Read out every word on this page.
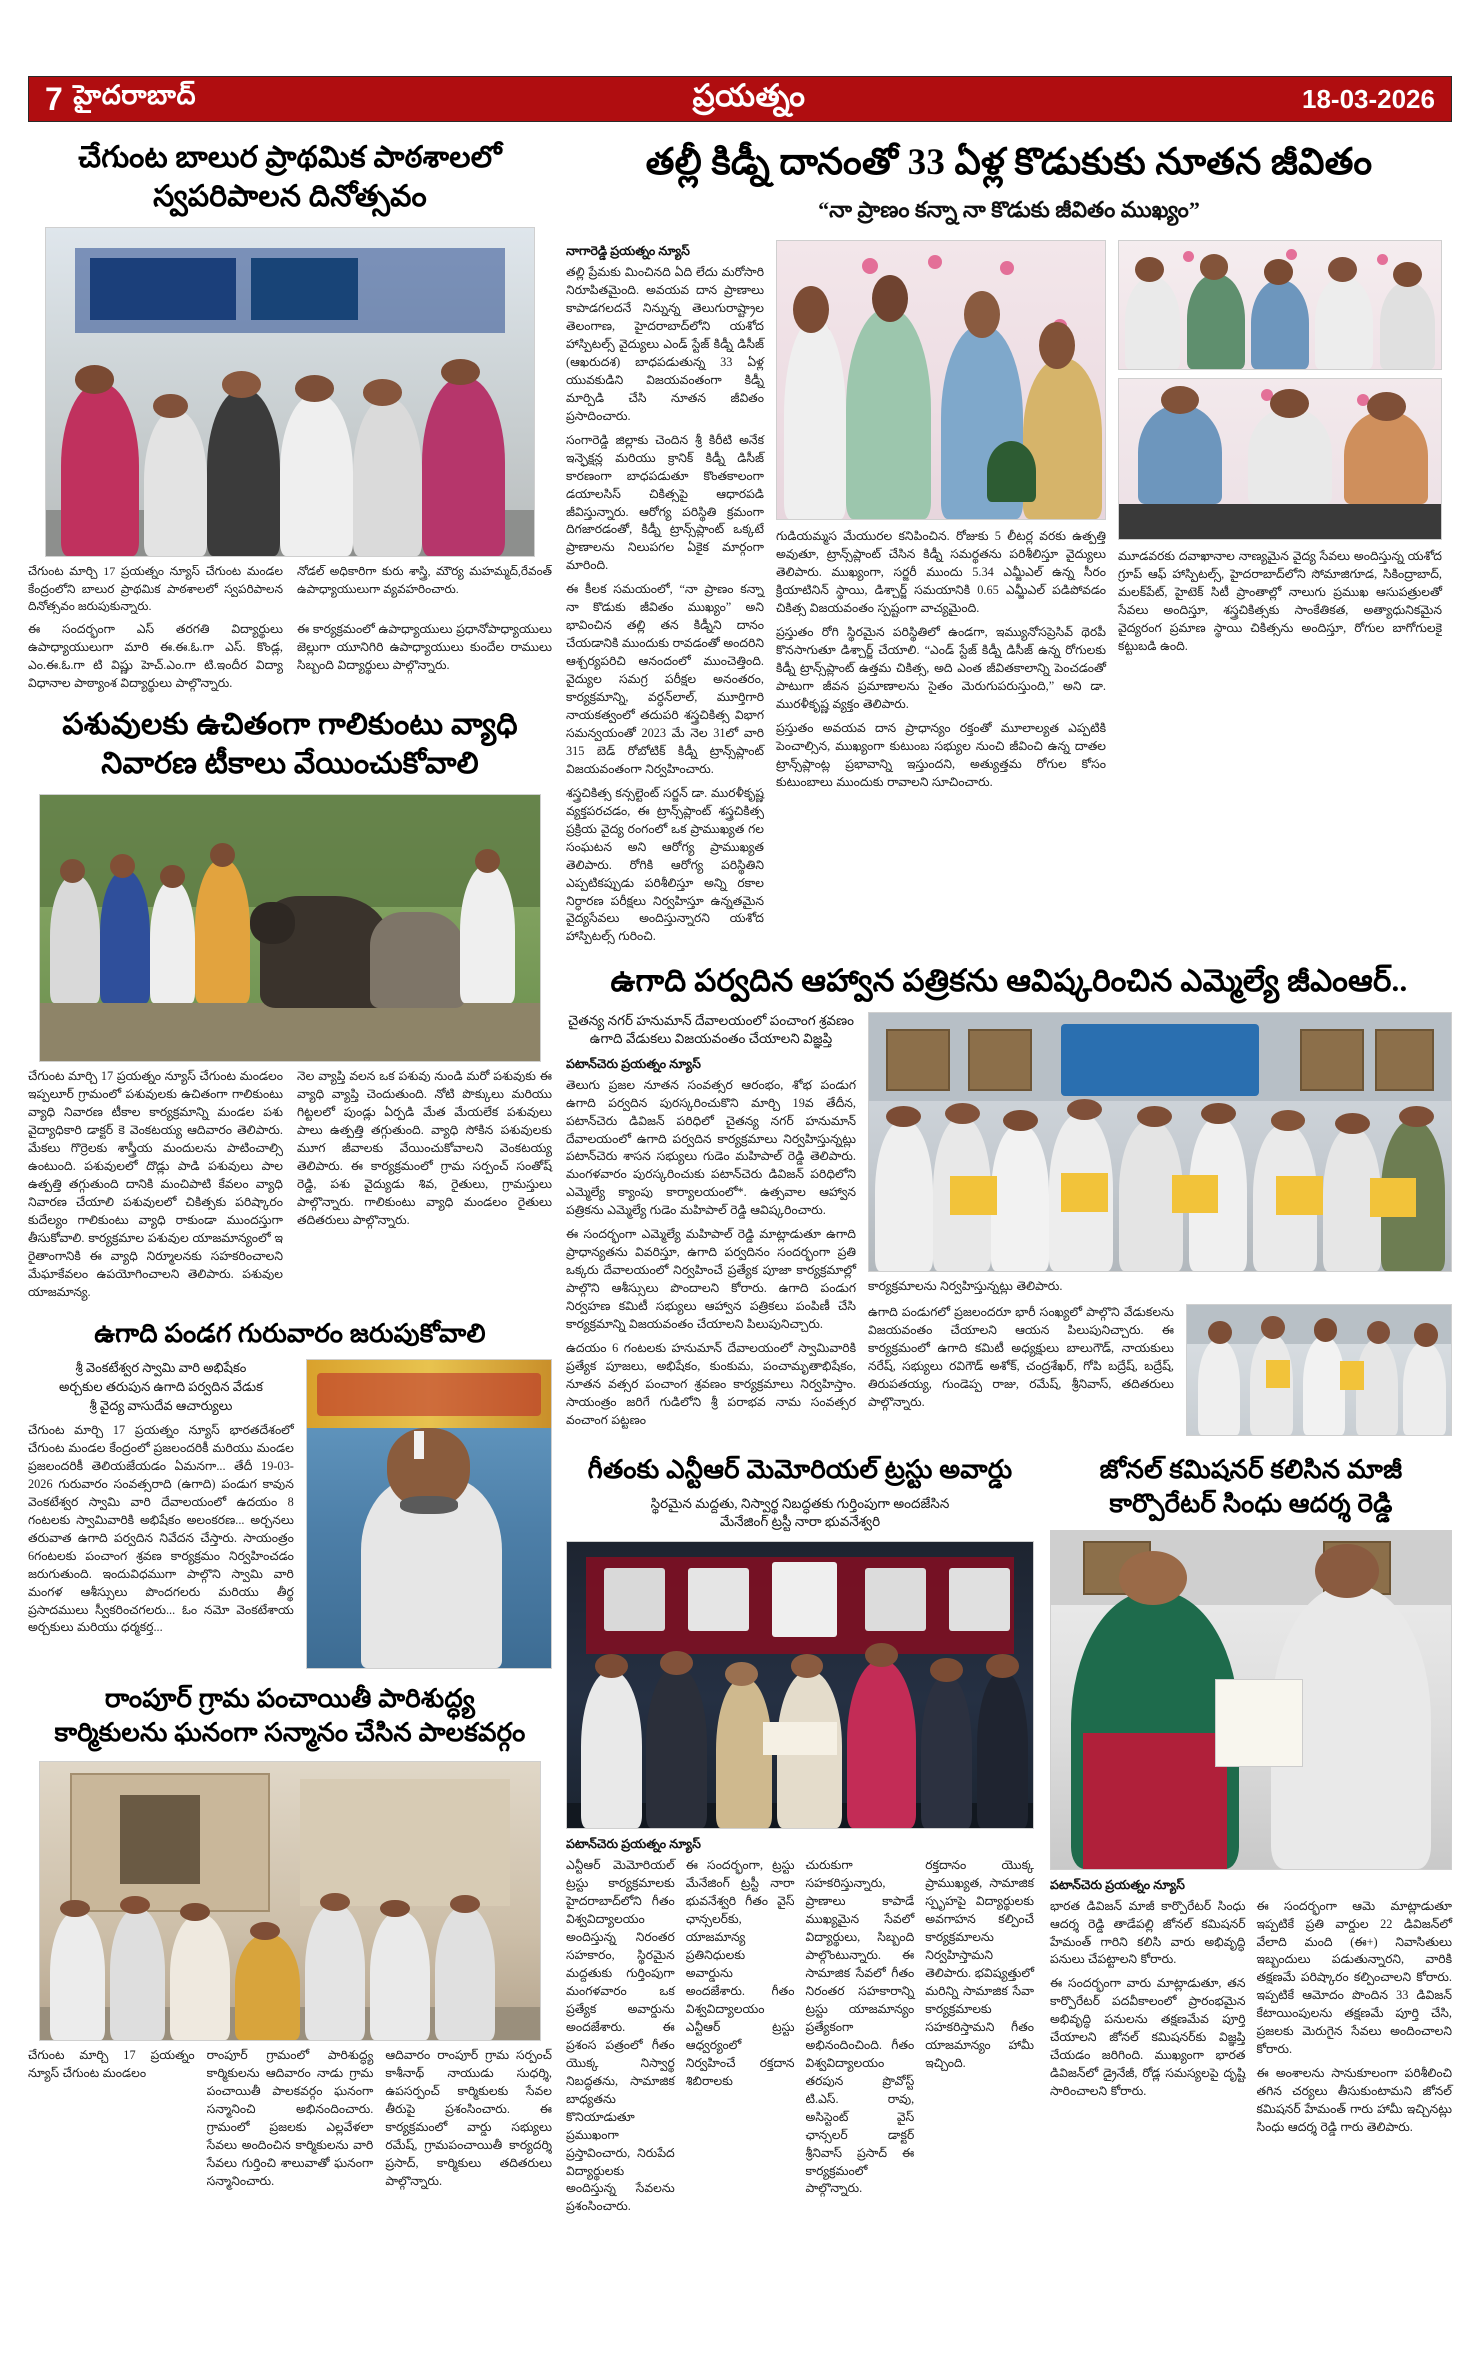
7 హైదరాబాద్	ప్రయత్నం	18-03-2026
చేగుంట బాలుర ప్రాథమిక పాఠశాలలో
స్వపరిపాలన దినోత్సవం
చేగుంట మార్చి 17 ప్రయత్నం న్యూస్ చేగుంట మండల కేంద్రంలోని బాలుర ప్రాథమిక పాఠశాలలో స్వపరిపాలన దినోత్సవం జరుపుకున్నారు.
నోడల్ అధికారిగా కురు శాస్త్రి, మౌర్య మహమ్మద్,రేవంత్ ఉపాధ్యాయులుగా వ్యవహరించారు.
ఈ సందర్భంగా ఎస్ తరగతి విద్యార్థులు ఉపాధ్యాయులుగా మారి ఈ.ఈ.ఓ.గా ఎస్. కొండ్ల, ఎం.ఈ.ఓ.గా టి విష్ణు హెచ్.ఎం.గా టి.ఇందీర విద్యా విధానాల పాఠ్యాంశ విద్యార్థులు పాల్గొన్నారు.
ఈ కార్యక్రమంలో ఉపాధ్యాయులు ప్రధానోపాధ్యాయులు జెల్లుగా యూనిగిరి ఉపాధ్యాయులు కుందేల రాములు సిబ్బంది విద్యార్థులు పాల్గొన్నారు.
పశువులకు ఉచితంగా గాలికుంటు వ్యాధి
నివారణ టీకాలు వేయించుకోవాలి
చేగుంట మార్చి 17 ప్రయత్నం న్యూస్ చేగుంట మండలం ఇప్పలూర్ గ్రామంలో పశువులకు ఉచితంగా గాలికుంటు వ్యాధి నివారణ టీకాల కార్యక్రమాన్ని మండల పశు వైద్యాధికారి డాక్టర్ కె వెంకటయ్య ఆదివారం తెలిపారు. మేకలు గొర్రెలకు శాస్త్రీయ మందులను పాటించాల్సి ఉంటుంది. పశువులలో దొడ్లు పాడి పశువులు పాల ఉత్పత్తి తగ్గుతుంది దానికి మంచిపాటి కేవలం వ్యాధి నివారణ చేయాలి పశువులలో చికిత్సకు పరిష్కారం కుదేల్యం గాలికుంటు వ్యాధి రాకుండా ముందస్తుగా తీసుకోవాలి. కార్యక్రమాల పశువుల యాజమాన్యంలో ఇ రైతాంగానికి ఈ వ్యాధి నిర్మూలనకు సహకరించాలని మేఘాకేవలం ఉపయోగించాలని తెలిపారు. పశువుల యాజమాన్య.
నెల వ్యాప్తి వలన ఒక పశువు నుండి మరో పశువుకు ఈ వ్యాధి వ్యాప్తి చెందుతుంది. నోటి పొక్కులు మరియు గిట్టలలో పుండ్లు ఏర్పడి మేత మేయలేక పశువులు పాలు ఉత్పత్తి తగ్గుతుంది. వ్యాధి సోకిన పశువులకు మూగ జీవాలకు వేయించుకోవాలని వెంకటయ్య తెలిపారు. ఈ కార్యక్రమంలో గ్రామ సర్పంచ్ సంతోష్ రెడ్డి, పశు వైద్యుడు శివ, రైతులు, గ్రామస్తులు పాల్గొన్నారు. గాలికుంటు వ్యాధి మండలం రైతులు తదితరులు పాల్గొన్నారు.
ఉగాది పండగ గురువారం జరుపుకోవాలి
శ్రీ వెంకటేశ్వర స్వామి వారి అభిషేకం
అర్చకుల తరుపున ఉగాది పర్వదిన వేడుక
శ్రీ వైద్య వాసుదేవ ఆచార్యులు
చేగుంట మార్చి 17 ప్రయత్నం న్యూస్ భారతదేశంలో చేగుంట మండల కేంద్రంలో ప్రజలందరికీ మరియు మండల ప్రజలందరికీ తెలియజేయడం ఏమనగా... తేదీ 19-03-2026 గురువారం సంవత్సరాది (ఉగాది) పండుగ కావున వెంకటేశ్వర స్వామి వారి దేవాలయంలో ఉదయం 8 గంటలకు స్వామివారికి అభిషేకం అలంకరణ... అర్చనలు తరువాత ఉగాది పర్వదిన నివేదన చేస్తారు. సాయంత్రం 6గంటలకు పంచాంగ శ్రవణ కార్యక్రమం నిర్వహించడం జరుగుతుంది. ఇందువిధముగా పాల్గొని స్వామి వారి మంగళ ఆశీస్సులు పొందగలరు మరియు తీర్థ ప్రసాదములు స్వీకరించగలరు... ఓం నమో వెంకటేశాయ అర్చకులు మరియు ధర్మకర్త...
రాంపూర్ గ్రామ పంచాయితీ పారిశుద్ధ్య
కార్మికులను ఘనంగా సన్మానం చేసిన పాలకవర్గం
చేగుంట మార్చి 17 ప్రయత్నం న్యూస్ చేగుంట మండలం
రాంపూర్ గ్రామంలో పారిశుద్ధ్య కార్మికులను ఆదివారం నాడు గ్రామ పంచాయితీ పాలకవర్గం ఘనంగా సన్మానించి అభినందించారు. గ్రామంలో ప్రజలకు ఎల్లవేళలా సేవలు అందించిన కార్మికులను వారి సేవలు గుర్తించి శాలువాతో ఘనంగా సన్మానించారు.
ఆదివారం రాంపూర్ గ్రామ సర్పంచ్ కాశీనాథ్ నాయుడు సుధర్శి, ఉపసర్పంచ్ కార్మికులకు సేవల తీరుపై ప్రశంసించారు. ఈ కార్యక్రమంలో వార్డు సభ్యులు రమేష్, గ్రామపంచాయితీ కార్యదర్శి ప్రసాద్, కార్మికులు తదితరులు పాల్గొన్నారు.
తల్లీ కిడ్నీ దానంతో 33 ఏళ్ల కొడుకుకు నూతన జీవితం
“నా ప్రాణం కన్నా నా కొడుకు జీవితం ముఖ్యం”
నాగారెడ్డి ప్రయత్నం న్యూస్
తల్లి ప్రేమకు మించినది ఏది లేదు మరోసారి నిరూపితమైంది. అవయవ దాన ప్రాణాలు కాపాడగలదనే నిన్నున్న తెలుగురాష్ట్రాల తెలంగాణ, హైదరాబాద్‌లోని యశోద హాస్పిటల్స్ వైద్యులు ఎండ్ స్టేజ్ కిడ్నీ డిసీజ్ (ఆఖరుదశ) బాధపడుతున్న 33 ఏళ్ల యువకుడిని విజయవంతంగా కిడ్నీ మార్పిడి చేసి నూతన జీవితం ప్రసాదించారు.
సంగారెడ్డి జిల్లాకు చెందిన శ్రీ కిరీటి అనేక ఇన్ఫెక్షన్ల మరియు క్రానిక్ కిడ్నీ డిసీజ్ కారణంగా బాధపడుతూ కొంతకాలంగా డయాలసిస్ చికిత్సపై ఆధారపడి జీవిస్తున్నారు. ఆరోగ్య పరిస్థితి క్రమంగా దిగజారడంతో, కిడ్నీ ట్రాన్స్‌ప్లాంట్ ఒక్కటే ప్రాణాలను నిలుపగల ఏకైక మార్గంగా మారింది.
ఈ కీలక సమయంలో, “నా ప్రాణం కన్నా నా కొడుకు జీవితం ముఖ్యం” అని భావించిన తల్లి తన కిడ్నీని దానం చేయడానికి ముందుకు రావడంతో అందరిని ఆశ్చర్యపరిచి ఆనందంలో ముంచెత్తింది. వైద్యుల సమగ్ర పరీక్షల అనంతరం, కార్యక్రమాన్ని, వర్ధన్‌లాల్, మూర్తిగారి నాయకత్వంలో తదుపరి శస్త్రచికిత్స విభాగ సమన్వయంతో 2023 మే నెల 31లో వారి 315 బెడ్ రోబోటిక్ కిడ్నీ ట్రాన్స్‌ప్లాంట్ విజయవంతంగా నిర్వహించారు.
శస్త్రచికిత్స కన్సల్టెంట్ సర్జన్ డా. మురళీకృష్ణ వ్యక్తపరచడం, ఈ ట్రాన్స్‌ప్లాంట్ శస్త్రచికిత్స ప్రక్రియ వైద్య రంగంలో ఒక ప్రాముఖ్యత గల సంఘటన అని ఆరోగ్య ప్రాముఖ్యత తెలిపారు. రోగికి ఆరోగ్య పరిస్థితిని ఎప్పటికప్పుడు పరిశీలిస్తూ అన్ని రకాల నిర్ధారణ పరీక్షలు నిర్వహిస్తూ ఉన్నతమైన వైద్యసేవలు అందిస్తున్నారని యశోద హాస్పిటల్స్ గురించి.
గుడియమ్మస మేయురల కనిపించిన. రోజుకు 5 లీటర్ల వరకు ఉత్పత్తి అవుతూ, ట్రాన్స్‌ప్లాంట్ చేసిన కిడ్నీ సమర్థతను పరిశీలిస్తూ వైద్యులు తెలిపారు. ముఖ్యంగా, సర్జరీ ముందు 5.34 ఎమ్జీఎల్ ఉన్న సీరం క్రియాటినిన్ స్థాయి, డిశ్చార్జ్ సమయానికి 0.65 ఎమ్జీఎల్ పడిపోవడం చికిత్స విజయవంతం స్పష్టంగా వాచ్యమైంది.
ప్రస్తుతం రోగి స్థిరమైన పరిస్థితిలో ఉండగా, ఇమ్యునోసప్రెసివ్ థెరపీ కొనసాగుతూ డిశ్చార్జ్ చేయాలి. “ఎండ్ స్టేజ్ కిడ్నీ డిసీజ్ ఉన్న రోగులకు కిడ్నీ ట్రాన్స్‌ప్లాంట్ ఉత్తమ చికిత్స, అది ఎంత జీవితకాలాన్ని పెంచడంతో పాటుగా జీవన ప్రమాణాలను సైతం మెరుగుపరుస్తుంది,” అని డా. మురళీకృష్ణ వ్యక్తం తెలిపారు.
ప్రస్తుతం అవయవ దాన ప్రాధాన్యం రక్తంతో మూలాల్యత ఎప్పటికి పెంచాల్సిన, ముఖ్యంగా కుటుంబ సభ్యుల నుంచి జీవించి ఉన్న దాతల ట్రాన్స్‌ప్లాంట్ల ప్రభావాన్ని ఇస్తుందని, అత్యుత్తమ రోగుల కోసం కుటుంబాలు ముందుకు రావాలని సూచించారు.
మూడవరకు దవాఖానాల నాణ్యమైన వైద్య సేవలు అందిస్తున్న యశోద గ్రూప్ ఆఫ్ హాస్పిటల్స్, హైదరాబాద్‌లోని సోమాజిగూడ, సికింద్రాబాద్, మలక్‌పేట్, హైటెక్ సిటీ ప్రాంతాల్లో నాలుగు ప్రముఖ ఆసుపత్రులతో సేవలు అందిస్తూ, శస్త్రచికిత్సకు సాంకేతికత, అత్యాధునికమైన వైద్యరంగ ప్రమాణ స్థాయి చికిత్సను అందిస్తూ, రోగుల బాగోగులకై కట్టుబడి ఉంది.
ఉగాది పర్వదిన ఆహ్వాన పత్రికను ఆవిష్కరించిన ఎమ్మెల్యే జీఎంఆర్..
చైతన్య నగర్ హనుమాన్ దేవాలయంలో పంచాంగ శ్రవణం
ఉగాది వేడుకలు విజయవంతం చేయాలని విజ్ఞప్తి
పటాన్‌చెరు ప్రయత్నం న్యూస్
తెలుగు ప్రజల నూతన సంవత్సర ఆరంభం, శోభ పండుగ ఉగాది పర్వదిన పురస్కరించుకొని మార్చి 19వ తేదీన, పటాన్‌చెరు డివిజన్ పరిధిలో చైతన్య నగర్ హనుమాన్ దేవాలయంలో ఉగాది పర్వదిన కార్యక్రమాలు నిర్వహిస్తున్నట్లు పటాన్‌చెరు శాసన సభ్యులు గుడెం మహిపాల్ రెడ్డి తెలిపారు. మంగళవారం పురస్కరించుకు పటాన్‌చెరు డివిజన్ పరిధిలోని ఎమ్మెల్యే క్యాంపు కార్యాలయంలో*. ఉత్సవాల ఆహ్వాన పత్రికను ఎమ్మెల్యే గుడెం మహిపాల్ రెడ్డి ఆవిష్కరించారు.
ఈ సందర్భంగా ఎమ్మెల్యే మహిపాల్ రెడ్డి మాట్లాడుతూ ఉగాది ప్రాధాన్యతను వివరిస్తూ, ఉగాది పర్వదినం సందర్భంగా ప్రతి ఒక్కరు దేవాలయంలో నిర్వహించే ప్రత్యేక పూజా కార్యక్రమాల్లో పాల్గొని ఆశీస్సులు పొందాలని కోరారు. ఉగాది పండుగ నిర్వహణ కమిటీ సభ్యులు ఆహ్వాన పత్రికలు పంపిణీ చేసి కార్యక్రమాన్ని విజయవంతం చేయాలని పిలుపునిచ్చారు.
ఉదయం 6 గంటలకు హనుమాన్ దేవాలయంలో స్వామివారికి ప్రత్యేక పూజలు, అభిషేకం, కుంకుమ, పంచామృతాభిషేకం, నూతన వత్సర పంచాంగ శ్రవణం కార్యక్రమాలు నిర్వహిస్తాం. సాయంత్రం జరిగే గుడిలోని శ్రీ పరాభవ నామ సంవత్సర వంచాంగ పట్టణం
కార్యక్రమాలను నిర్వహిస్తున్నట్లు తెలిపారు.
ఉగాది పండుగలో ప్రజలందరూ భారీ సంఖ్యలో పాల్గొని వేడుకలను విజయవంతం చేయాలని ఆయన పిలుపునిచ్చారు. ఈ కార్యక్రమంలో ఉగాది కమిటీ అధ్యక్షులు బాలుగౌడ్, నాయకులు నరేష్, సభ్యులు రవిగౌడ్ అశోక్, చంద్రశేఖర్, గోపి బద్రేష్, బద్రేష్, తిరుపతయ్య, గుండెప్ప రాజు, రమేష్, శ్రీనివాస్, తదితరులు పాల్గొన్నారు.
గీతంకు ఎన్టీఆర్ మెమోరియల్ ట్రస్టు అవార్డు
స్థిరమైన మద్దతు, నిస్వార్థ నిబద్ధతకు గుర్తింపుగా అందజేసిన
మేనేజింగ్ ట్రస్టీ నారా భువనేశ్వరి
పటాన్‌చెరు ప్రయత్నం న్యూస్
ఎన్టీఆర్ మెమోరియల్ ట్రస్టు కార్యక్రమాలకు హైదరాబాద్‌లోని గీతం విశ్వవిద్యాలయం అందిస్తున్న నిరంతర సహకారం, స్థిరమైన మద్దతుకు గుర్తింపుగా మంగళవారం ఒక ప్రత్యేక అవార్డును అందజేశారు. ఈ ప్రశంస పత్రంలో గీతం యొక్క నిస్వార్థ నిబద్ధతను, సామాజిక బాధ్యతను కొనియాడుతూ ప్రముఖంగా ప్రస్తావించారు, నిరుపేద విద్యార్థులకు అందిస్తున్న సేవలను ప్రశంసించారు.
ఈ సందర్భంగా, ట్రస్టు మేనేజింగ్ ట్రస్టీ నారా భువనేశ్వరి గీతం వైస్ ఛాన్సలర్‌కు, యాజమాన్య ప్రతినిధులకు అవార్డును అందజేశారు. గీతం విశ్వవిద్యాలయం ఎన్టీఆర్ ట్రస్టు ఆధ్వర్యంలో నిర్వహించే రక్తదాన శిబిరాలకు
చురుకుగా సహకరిస్తున్నారు, ప్రాణాలు కాపాడే ముఖ్యమైన సేవలో విద్యార్థులు, సిబ్బంది పాల్గొంటున్నారు. ఈ సామాజిక సేవలో గీతం నిరంతర సహకారాన్ని ట్రస్టు యాజమాన్యం ప్రత్యేకంగా అభినందించింది. గీతం విశ్వవిద్యాలయం తరపున ప్రొవోస్ట్ టి.ఎస్. రావు, అసిస్టెంట్ వైస్ ఛాన్సలర్ డాక్టర్ శ్రీనివాస్ ప్రసాద్ ఈ కార్యక్రమంలో పాల్గొన్నారు.
రక్తదానం యొక్క ప్రాముఖ్యత, సామాజిక స్పృహపై విద్యార్థులకు అవగాహన కల్పించే కార్యక్రమాలను నిర్వహిస్తామని తెలిపారు. భవిష్యత్తులో మరిన్ని సామాజిక సేవా కార్యక్రమాలకు సహకరిస్తామని గీతం యాజమాన్యం హామీ ఇచ్చింది.
జోనల్ కమిషనర్ కలిసిన మాజీ
కార్పొరేటర్ సింధు ఆదర్శ రెడ్డి
పటాన్‌చెరు ప్రయత్నం న్యూస్
భారత డివిజన్ మాజీ కార్పొరేటర్ సింధు ఆదర్శ రెడ్డి తాడేపల్లి జోనల్ కమిషనర్ హేమంత్ గారిని కలిసి వారు అభివృద్ధి పనులు చేపట్టాలని కోరారు.
ఈ సందర్భంగా వారు మాట్లాడుతూ, తన కార్పొరేటర్ పదవీకాలంలో ప్రారంభమైన అభివృద్ధి పనులను తక్షణమేవ పూర్తి చేయాలని జోనల్ కమిషనర్‌కు విజ్ఞప్తి చేయడం జరిగింది. ముఖ్యంగా భారత డివిజన్‌లో డ్రైనేజీ, రోడ్ల సమస్యలపై దృష్టి సారించాలని కోరారు.
ఈ సందర్భంగా ఆమె మాట్లాడుతూ ఇప్పటికే ప్రతి వార్డుల 22 డివిజన్‌లో వేలాది మంది (ఈ+) నివాసితులు ఇబ్బందులు పడుతున్నారని, వారికి తక్షణమే పరిష్కారం కల్పించాలని కోరారు. ఇప్పటికే ఆమోదం పొందిన 33 డివిజన్ కేటాయింపులను తక్షణమే పూర్తి చేసి, ప్రజలకు మెరుగైన సేవలు అందించాలని కోరారు.
ఈ అంశాలను సానుకూలంగా పరిశీలించి తగిన చర్యలు తీసుకుంటామని జోనల్ కమిషనర్ హేమంత్ గారు హామీ ఇచ్చినట్లు సింధు ఆదర్శ రెడ్డి గారు తెలిపారు.
